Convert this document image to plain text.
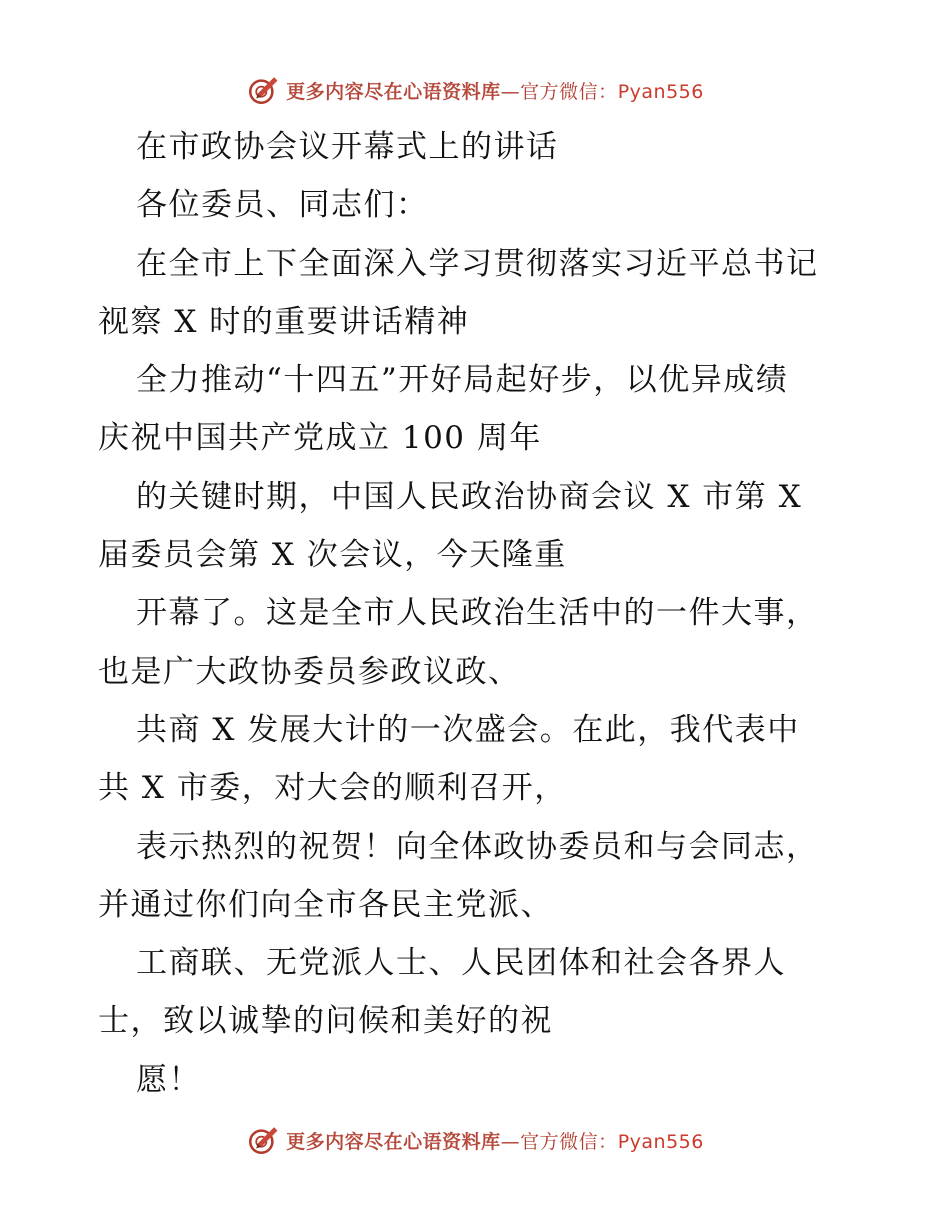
更多内容尽在心语资料库—官方微信：Pyan556
在市政协会议开幕式上的讲话
各位委员、同志们：
在全市上下全面深入学习贯彻落实习近平总书记
视察 X 时的重要讲话精神
全力推动“十四五”开好局起好步，以优异成绩
庆祝中国共产党成立 100 周年
的关键时期，中国人民政治协商会议 X 市第 X
届委员会第 X 次会议，今天隆重
开幕了。这是全市人民政治生活中的一件大事，
也是广大政协委员参政议政、
共商 X 发展大计的一次盛会。在此，我代表中
共 X 市委，对大会的顺利召开，
表示热烈的祝贺！向全体政协委员和与会同志，
并通过你们向全市各民主党派、
工商联、无党派人士、人民团体和社会各界人
士，致以诚挚的问候和美好的祝
愿！
更多内容尽在心语资料库—官方微信：Pyan556
